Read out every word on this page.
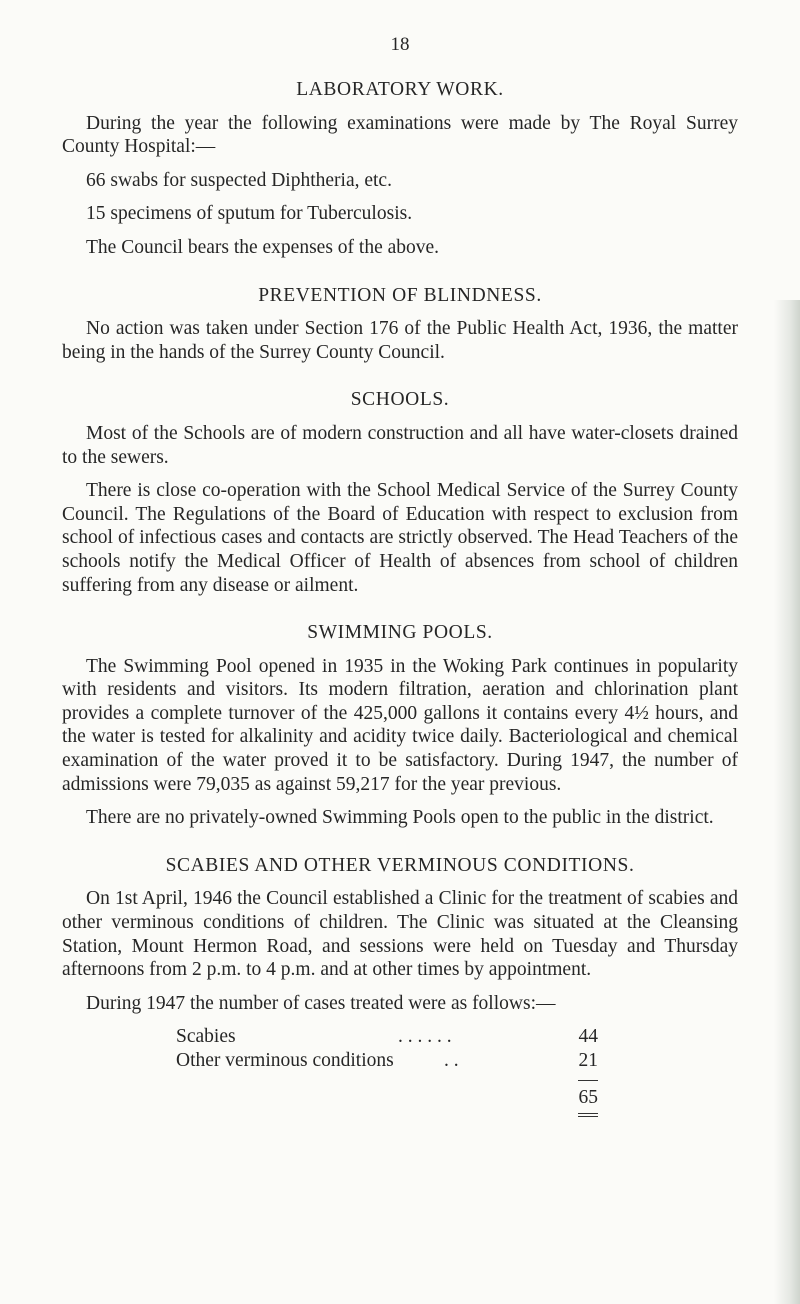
18
LABORATORY WORK.

During the year the following examinations were made by The Royal Surrey County Hospital:—

66 swabs for suspected Diphtheria, etc.

15 specimens of sputum for Tuberculosis.

The Council bears the expenses of the above.

PREVENTION OF BLINDNESS.

No action was taken under Section 176 of the Public Health Act, 1936, the matter being in the hands of the Surrey County Council.

SCHOOLS.

Most of the Schools are of modern construction and all have water-closets drained to the sewers.

There is close co-operation with the School Medical Service of the Surrey County Council. The Regulations of the Board of Education with respect to exclusion from school of infectious cases and contacts are strictly observed. The Head Teachers of the schools notify the Medical Officer of Health of absences from school of children suffering from any disease or ailment.

SWIMMING POOLS.

The Swimming Pool opened in 1935 in the Woking Park continues in popularity with residents and visitors. Its modern filtration, aeration and chlorination plant provides a complete turnover of the 425,000 gallons it contains every 4½ hours, and the water is tested for alkalinity and acidity twice daily. Bacteriological and chemical examination of the water proved it to be satisfactory. During 1947, the number of admissions were 79,035 as against 59,217 for the year previous.

There are no privately-owned Swimming Pools open to the public in the district.

SCABIES AND OTHER VERMINOUS CONDITIONS.

On 1st April, 1946 the Council established a Clinic for the treatment of scabies and other verminous conditions of children. The Clinic was situated at the Cleansing Station, Mount Hermon Road, and sessions were held on Tuesday and Thursday afternoons from 2 p.m. to 4 p.m. and at other times by appointment.

During 1947 the number of cases treated were as follows:—

Scabies	. . . . . .	44
Other verminous conditions	. .	21

65
